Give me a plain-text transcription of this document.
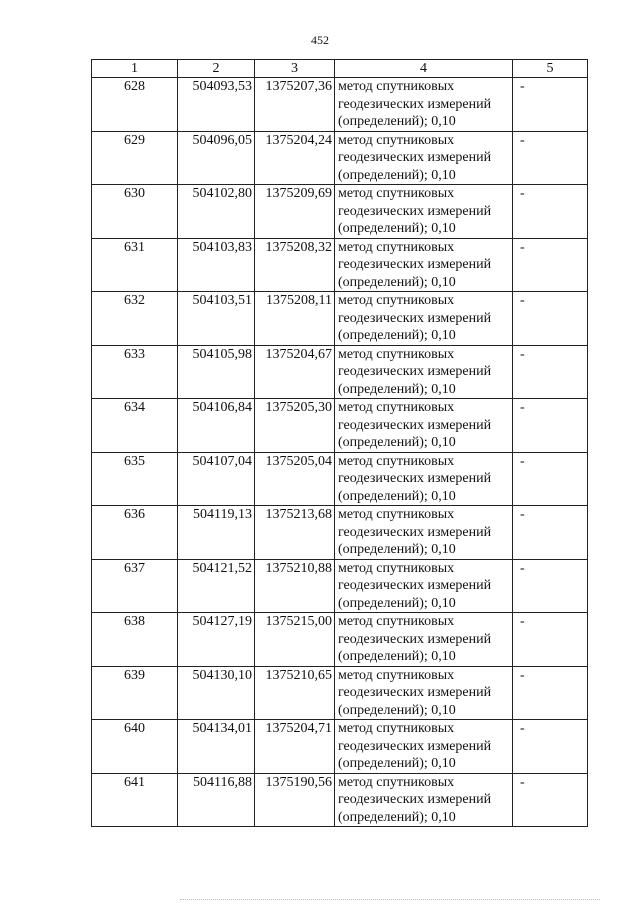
452
1	2	3	4	5
628	504093,53	1375207,36	метод спутниковых геодезических измерений (определений); 0,10	-
629	504096,05	1375204,24	метод спутниковых геодезических измерений (определений); 0,10	-
630	504102,80	1375209,69	метод спутниковых геодезических измерений (определений); 0,10	-
631	504103,83	1375208,32	метод спутниковых геодезических измерений (определений); 0,10	-
632	504103,51	1375208,11	метод спутниковых геодезических измерений (определений); 0,10	-
633	504105,98	1375204,67	метод спутниковых геодезических измерений (определений); 0,10	-
634	504106,84	1375205,30	метод спутниковых геодезических измерений (определений); 0,10	-
635	504107,04	1375205,04	метод спутниковых геодезических измерений (определений); 0,10	-
636	504119,13	1375213,68	метод спутниковых геодезических измерений (определений); 0,10	-
637	504121,52	1375210,88	метод спутниковых геодезических измерений (определений); 0,10	-
638	504127,19	1375215,00	метод спутниковых геодезических измерений (определений); 0,10	-
639	504130,10	1375210,65	метод спутниковых геодезических измерений (определений); 0,10	-
640	504134,01	1375204,71	метод спутниковых геодезических измерений (определений); 0,10	-
641	504116,88	1375190,56	метод спутниковых геодезических измерений (определений); 0,10	-
